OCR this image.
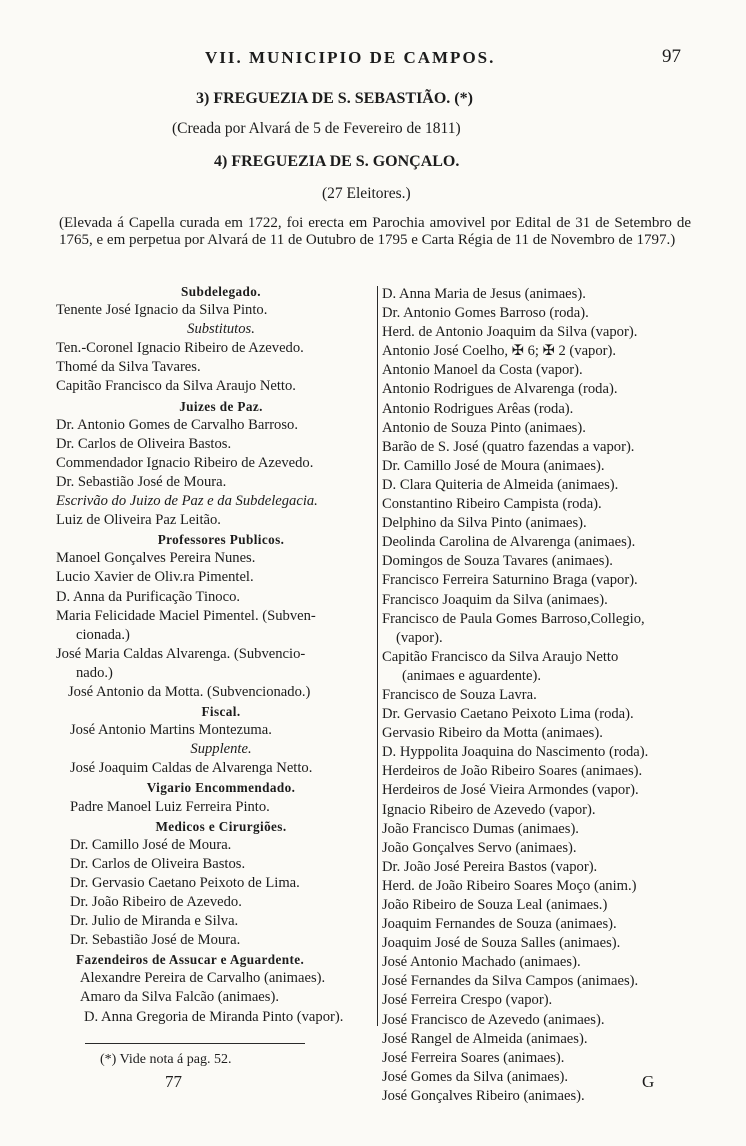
VII. MUNICIPIO DE CAMPOS.	97
3) FREGUEZIA DE S. SEBASTIÃO. (*)
(Creada por Alvará de 5 de Fevereiro de 1811)
4) FREGUEZIA DE S. GONÇALO.
(27 Eleitores.)
(Elevada á Capella curada em 1722, foi erecta em Parochia amovivel por Edital de 31 de Setembro de 1765, e em perpetua por Alvará de 11 de Outubro de 1795 e Carta Régia de 11 de Novembro de 1797.)
Subdelegado.
Tenente José Ignacio da Silva Pinto.
Substitutos.
Ten.-Coronel Ignacio Ribeiro de Azevedo.
Thomé da Silva Tavares.
Capitão Francisco da Silva Araujo Netto.
Juizes de Paz.
Dr. Antonio Gomes de Carvalho Barroso.
Dr. Carlos de Oliveira Bastos.
Commendador Ignacio Ribeiro de Azevedo.
Dr. Sebastião José de Moura.
Escrivão do Juizo de Paz e da Subdelegacia.
Luiz de Oliveira Paz Leitão.
Professores Publicos.
Manoel Gonçalves Pereira Nunes.
Lucio Xavier de Oliv.ra Pimentel.
D. Anna da Purificação Tinoco.
Maria Felicidade Maciel Pimentel. (Subven-
cionada.)
José Maria Caldas Alvarenga. (Subvencio-
nado.)
José Antonio da Motta. (Subvencionado.)
Fiscal.
José Antonio Martins Montezuma.
Supplente.
José Joaquim Caldas de Alvarenga Netto.
Vigario Encommendado.
Padre Manoel Luiz Ferreira Pinto.
Medicos e Cirurgiões.
Dr. Camillo José de Moura.
Dr. Carlos de Oliveira Bastos.
Dr. Gervasio Caetano Peixoto de Lima.
Dr. João Ribeiro de Azevedo.
Dr. Julio de Miranda e Silva.
Dr. Sebastião José de Moura.
Fazendeiros de Assucar e Aguardente.
Alexandre Pereira de Carvalho (animaes).
Amaro da Silva Falcão (animaes).
D. Anna Gregoria de Miranda Pinto (vapor).
D. Anna Maria de Jesus (animaes).
Dr. Antonio Gomes Barroso (roda).
Herd. de Antonio Joaquim da Silva (vapor).
Antonio José Coelho, ✠ 6; ✠ 2 (vapor).
Antonio Manoel da Costa (vapor).
Antonio Rodrigues de Alvarenga (roda).
Antonio Rodrigues Arêas (roda).
Antonio de Souza Pinto (animaes).
Barão de S. José (quatro fazendas a vapor).
Dr. Camillo José de Moura (animaes).
D. Clara Quiteria de Almeida (animaes).
Constantino Ribeiro Campista (roda).
Delphino da Silva Pinto (animaes).
Deolinda Carolina de Alvarenga (animaes).
Domingos de Souza Tavares (animaes).
Francisco Ferreira Saturnino Braga (vapor).
Francisco Joaquim da Silva (animaes).
Francisco de Paula Gomes Barroso,Collegio,
(vapor).
Capitão Francisco da Silva Araujo Netto
(animaes e aguardente).
Francisco de Souza Lavra.
Dr. Gervasio Caetano Peixoto Lima (roda).
Gervasio Ribeiro da Motta (animaes).
D. Hyppolita Joaquina do Nascimento (roda).
Herdeiros de João Ribeiro Soares (animaes).
Herdeiros de José Vieira Armondes (vapor).
Ignacio Ribeiro de Azevedo (vapor).
João Francisco Dumas (animaes).
João Gonçalves Servo (animaes).
Dr. João José Pereira Bastos (vapor).
Herd. de João Ribeiro Soares Moço (anim.)
João Ribeiro de Souza Leal (animaes.)
Joaquim Fernandes de Souza (animaes).
Joaquim José de Souza Salles (animaes).
José Antonio Machado (animaes).
José Fernandes da Silva Campos (animaes).
José Ferreira Crespo (vapor).
José Francisco de Azevedo (animaes).
José Rangel de Almeida (animaes).
José Ferreira Soares (animaes).
José Gomes da Silva (animaes).
José Gonçalves Ribeiro (animaes).
(*) Vide nota á pag. 52.
77	G
